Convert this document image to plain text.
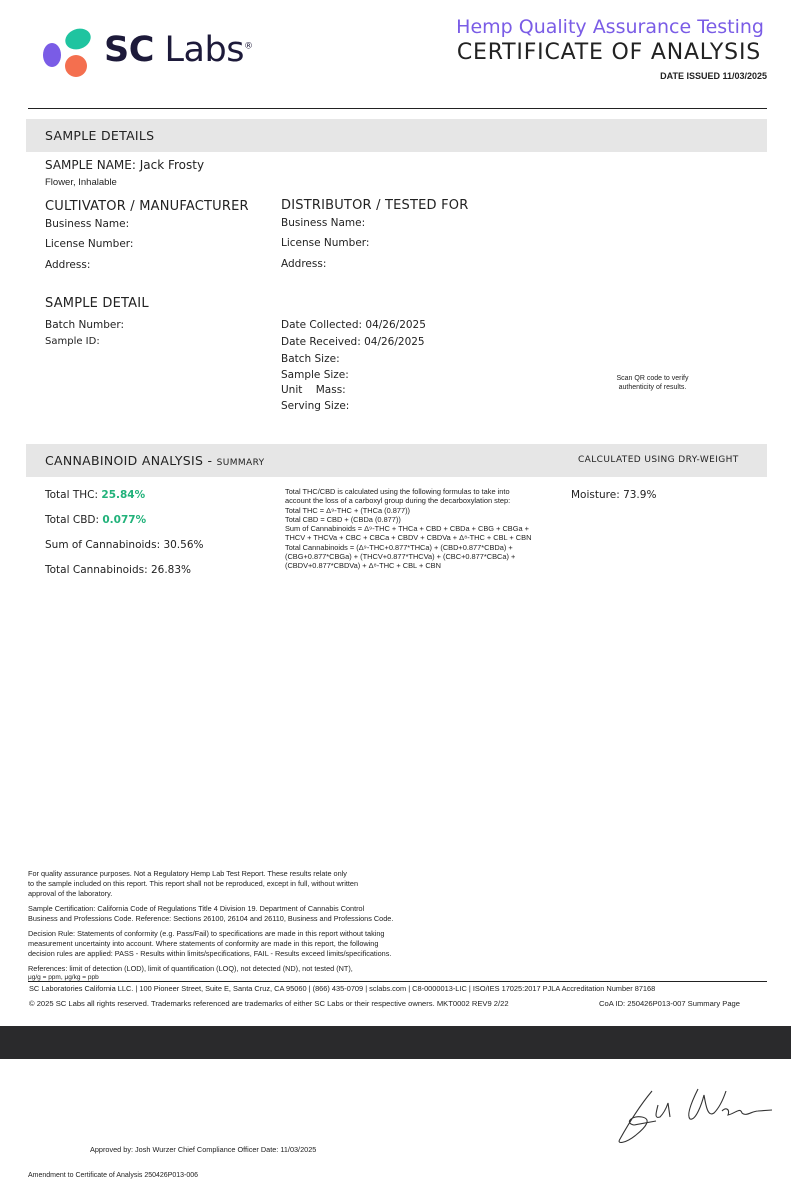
SC Labs®
Hemp Quality Assurance Testing
CERTIFICATE OF ANALYSIS
DATE ISSUED 11/03/2025
SAMPLE DETAILS
SAMPLE NAME: Jack Frosty
Flower, Inhalable
CULTIVATOR / MANUFACTURER
Business Name:
License Number:
Address:
DISTRIBUTOR / TESTED FOR
Business Name:
License Number:
Address:
SAMPLE DETAIL
Batch Number:
Sample ID:
Date Collected: 04/26/2025
Date Received: 04/26/2025
Batch Size:
Sample Size:
Unit    Mass:
Serving Size:
Scan QR code to verify
authenticity of results.
CANNABINOID ANALYSIS - SUMMARY	CALCULATED USING DRY-WEIGHT
Total THC: 25.84%
Total CBD: 0.077%
Sum of Cannabinoids: 30.56%
Total Cannabinoids: 26.83%
Moisture: 73.9%
Total THC/CBD is calculated using the following formulas to take into
account the loss of a carboxyl group during the decarboxylation step:
Total THC = Δ⁹-THC + (THCa (0.877))
Total CBD = CBD + (CBDa (0.877))
Sum of Cannabinoids = Δ⁹-THC + THCa + CBD + CBDa + CBG + CBGa +
THCV + THCVa + CBC + CBCa + CBDV + CBDVa + Δ⁸-THC + CBL + CBN
Total Cannabinoids = (Δ⁹-THC+0.877*THCa) + (CBD+0.877*CBDa) +
(CBG+0.877*CBGa) + (THCV+0.877*THCVa) + (CBC+0.877*CBCa) +
(CBDV+0.877*CBDVa) + Δ⁸-THC + CBL + CBN
For quality assurance purposes. Not a Regulatory Hemp Lab Test Report. These results relate only
to the sample included on this report. This report shall not be reproduced, except in full, without written
approval of the laboratory.
Sample Certification: California Code of Regulations Title 4 Division 19. Department of Cannabis Control
Business and Professions Code. Reference: Sections 26100, 26104 and 26110, Business and Professions Code.
Decision Rule: Statements of conformity (e.g. Pass/Fail) to specifications are made in this report without taking
measurement uncertainty into account. Where statements of conformity are made in this report, the following
decision rules are applied: PASS - Results within limits/specifications, FAIL - Results exceed limits/specifications.
References: limit of detection (LOD), limit of quantification (LOQ), not detected (ND), not tested (NT),
μg/g = ppm, μg/kg = ppb
SC Laboratories California LLC. | 100 Pioneer Street, Suite E, Santa Cruz, CA 95060 | (866) 435-0709 | sclabs.com | C8-0000013-LIC | ISO/IES 17025:2017 PJLA Accreditation Number 87168
© 2025 SC Labs all rights reserved. Trademarks referenced are trademarks of either SC Labs or their respective owners. MKT0002 REV9 2/22	CoA ID: 250426P013-007 Summary Page
Approved by: Josh Wurzer Chief Compliance Officer Date: 11/03/2025
Amendment to Certificate of Analysis 250426P013-006
